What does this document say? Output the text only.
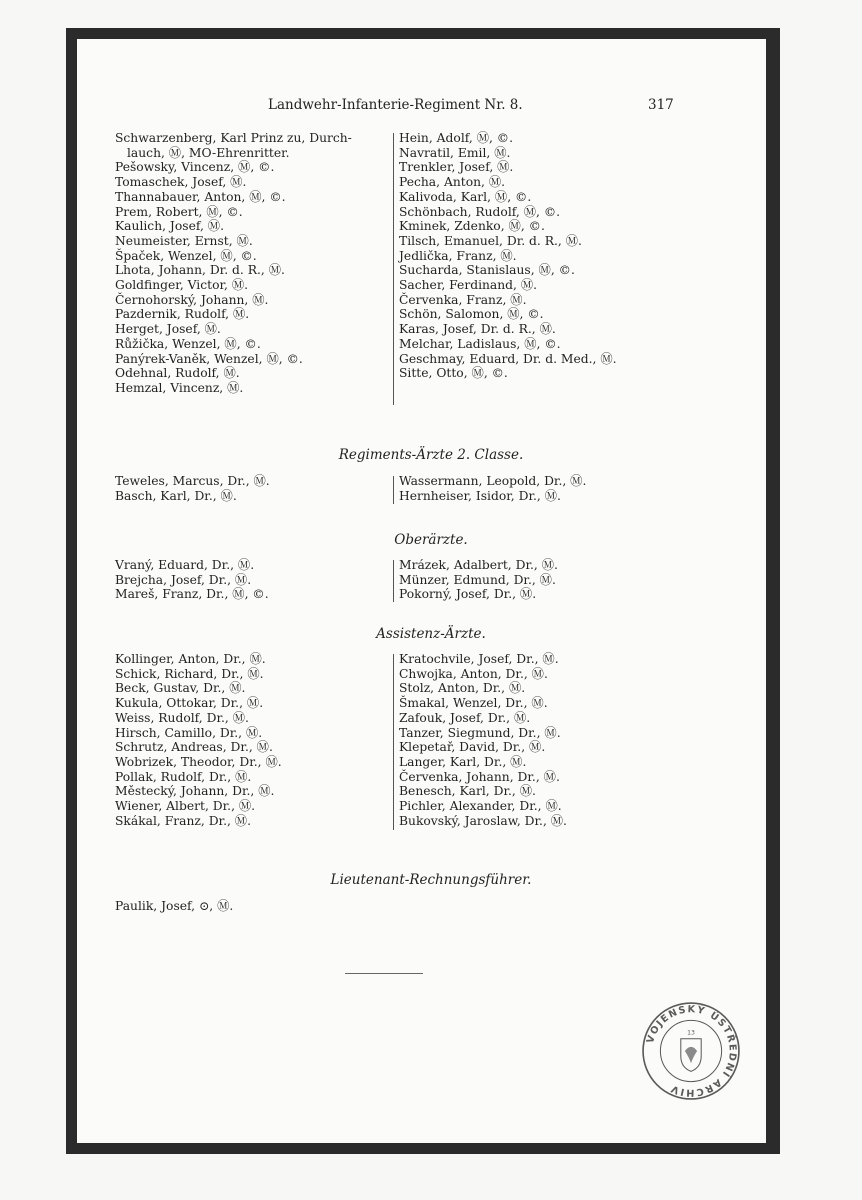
Landwehr-Infanterie-Regiment Nr. 8.	317
Schwarzenberg, Karl Prinz zu, Durch-
lauch, Ⓜ, MO-Ehrenritter.
Pešowsky, Vincenz, Ⓜ, ©.
Tomaschek, Josef, Ⓜ.
Thannabauer, Anton, Ⓜ, ©.
Prem, Robert, Ⓜ, ©.
Kaulich, Josef, Ⓜ.
Neumeister, Ernst, Ⓜ.
Špaček, Wenzel, Ⓜ, ©.
Lhota, Johann, Dr. d. R., Ⓜ.
Goldfinger, Victor, Ⓜ.
Černohorský, Johann, Ⓜ.
Pazdernik, Rudolf, Ⓜ.
Herget, Josef, Ⓜ.
Růžička, Wenzel, Ⓜ, ©.
Panýrek-Vaněk, Wenzel, Ⓜ, ©.
Odehnal, Rudolf, Ⓜ.
Hemzal, Vincenz, Ⓜ.
Hein, Adolf, Ⓜ, ©.
Navratil, Emil, Ⓜ.
Trenkler, Josef, Ⓜ.
Pecha, Anton, Ⓜ.
Kalivoda, Karl, Ⓜ, ©.
Schönbach, Rudolf, Ⓜ, ©.
Kminek, Zdenko, Ⓜ, ©.
Tilsch, Emanuel, Dr. d. R., Ⓜ.
Jedlička, Franz, Ⓜ.
Sucharda, Stanislaus, Ⓜ, ©.
Sacher, Ferdinand, Ⓜ.
Červenka, Franz, Ⓜ.
Schön, Salomon, Ⓜ, ©.
Karas, Josef, Dr. d. R., Ⓜ.
Melchar, Ladislaus, Ⓜ, ©.
Geschmay, Eduard, Dr. d. Med., Ⓜ.
Sitte, Otto, Ⓜ, ©.
Regiments-Ärzte 2. Classe.
Teweles, Marcus, Dr., Ⓜ.
Basch, Karl, Dr., Ⓜ.
Wassermann, Leopold, Dr., Ⓜ.
Hernheiser, Isidor, Dr., Ⓜ.
Oberärzte.
Vraný, Eduard, Dr., Ⓜ.
Brejcha, Josef, Dr., Ⓜ.
Mareš, Franz, Dr., Ⓜ, ©.
Mrázek, Adalbert, Dr., Ⓜ.
Münzer, Edmund, Dr., Ⓜ.
Pokorný, Josef, Dr., Ⓜ.
Assistenz-Ärzte.
Kollinger, Anton, Dr., Ⓜ.
Schick, Richard, Dr., Ⓜ.
Beck, Gustav, Dr., Ⓜ.
Kukula, Ottokar, Dr., Ⓜ.
Weiss, Rudolf, Dr., Ⓜ.
Hirsch, Camillo, Dr., Ⓜ.
Schrutz, Andreas, Dr., Ⓜ.
Wobrizek, Theodor, Dr., Ⓜ.
Pollak, Rudolf, Dr., Ⓜ.
Městecký, Johann, Dr., Ⓜ.
Wiener, Albert, Dr., Ⓜ.
Skákal, Franz, Dr., Ⓜ.
Kratochvile, Josef, Dr., Ⓜ.
Chwojka, Anton, Dr., Ⓜ.
Stolz, Anton, Dr., Ⓜ.
Šmakal, Wenzel, Dr., Ⓜ.
Zafouk, Josef, Dr., Ⓜ.
Tanzer, Siegmund, Dr., Ⓜ.
Klepetař, David, Dr., Ⓜ.
Langer, Karl, Dr., Ⓜ.
Červenka, Johann, Dr., Ⓜ.
Benesch, Karl, Dr., Ⓜ.
Pichler, Alexander, Dr., Ⓜ.
Bukovský, Jaroslaw, Dr., Ⓜ.
Lieutenant-Rechnungsführer.
Paulik, Josef, ⊙, Ⓜ.
VOJENSKÝ ÚSTŘEDNÍ ARCHIV
13
